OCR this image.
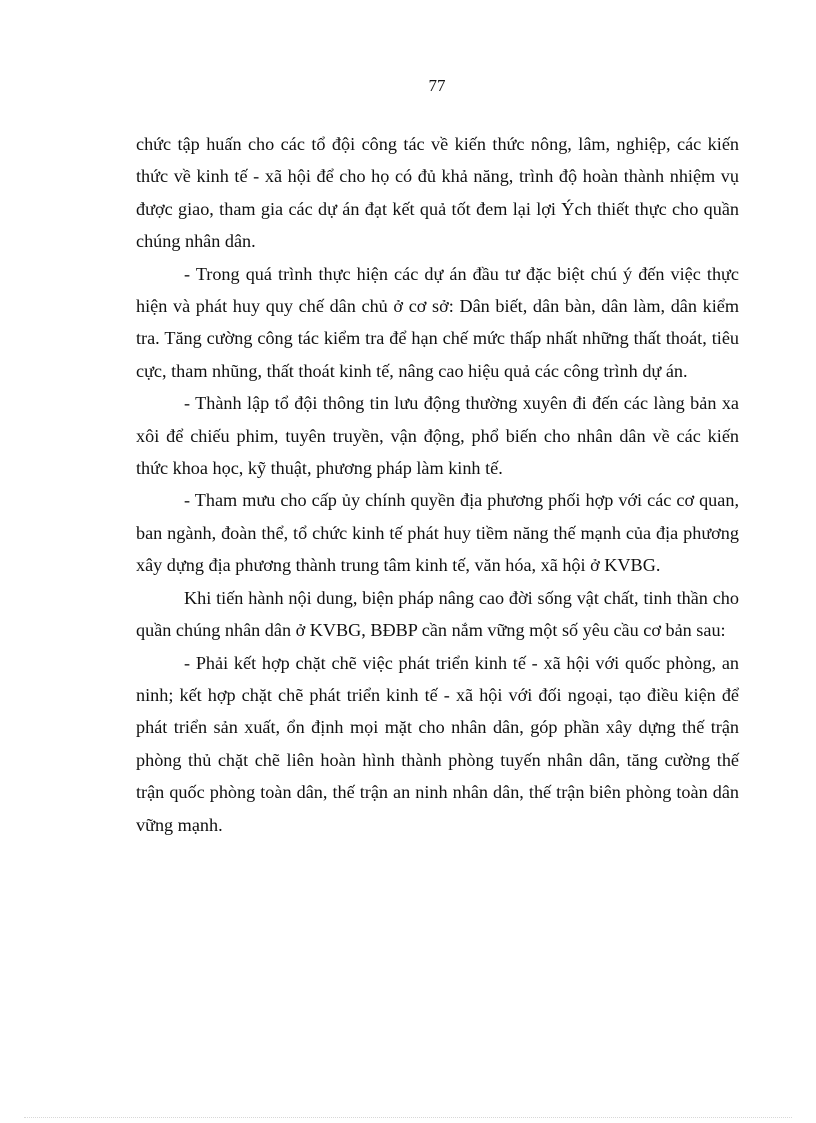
77

chức tập huấn cho các tổ đội công tác về kiến thức nông, lâm, nghiệp, các kiến thức về kinh tế - xã hội để cho họ có đủ khả năng, trình độ hoàn thành nhiệm vụ được giao, tham gia các dự án đạt kết quả tốt đem lại lợi Ých thiết thực cho quần chúng nhân dân.

- Trong quá trình thực hiện các dự án đầu tư đặc biệt chú ý đến việc thực hiện và phát huy quy chế dân chủ ở cơ sở: Dân biết, dân bàn, dân làm, dân kiểm tra. Tăng cường công tác kiểm tra để hạn chế mức thấp nhất những thất thoát, tiêu cực, tham nhũng, thất thoát kinh tế, nâng cao hiệu quả các công trình dự án.

- Thành lập tổ đội thông tin lưu động thường xuyên đi đến các làng bản xa xôi để chiếu phim, tuyên truyền, vận động, phổ biến cho nhân dân về các kiến thức khoa học, kỹ thuật, phương pháp làm kinh tế.

- Tham mưu cho cấp ủy chính quyền địa phương phối hợp với các cơ quan, ban ngành, đoàn thể, tổ chức kinh tế phát huy tiềm năng thế mạnh của địa phương xây dựng địa phương thành trung tâm kinh tế, văn hóa, xã hội ở KVBG.

Khi tiến hành nội dung, biện pháp nâng cao đời sống vật chất, tinh thần cho quần chúng nhân dân ở KVBG, BĐBP cần nắm vững một số yêu cầu cơ bản sau:

- Phải kết hợp chặt chẽ việc phát triển kinh tế - xã hội với quốc phòng, an ninh; kết hợp chặt chẽ phát triển kinh tế - xã hội với đối ngoại, tạo điều kiện để phát triển sản xuất, ổn định mọi mặt cho nhân dân, góp phần xây dựng thế trận phòng thủ chặt chẽ liên hoàn hình thành phòng tuyến nhân dân, tăng cường thế trận quốc phòng toàn dân, thế trận an ninh nhân dân, thế trận biên phòng toàn dân vững mạnh.
